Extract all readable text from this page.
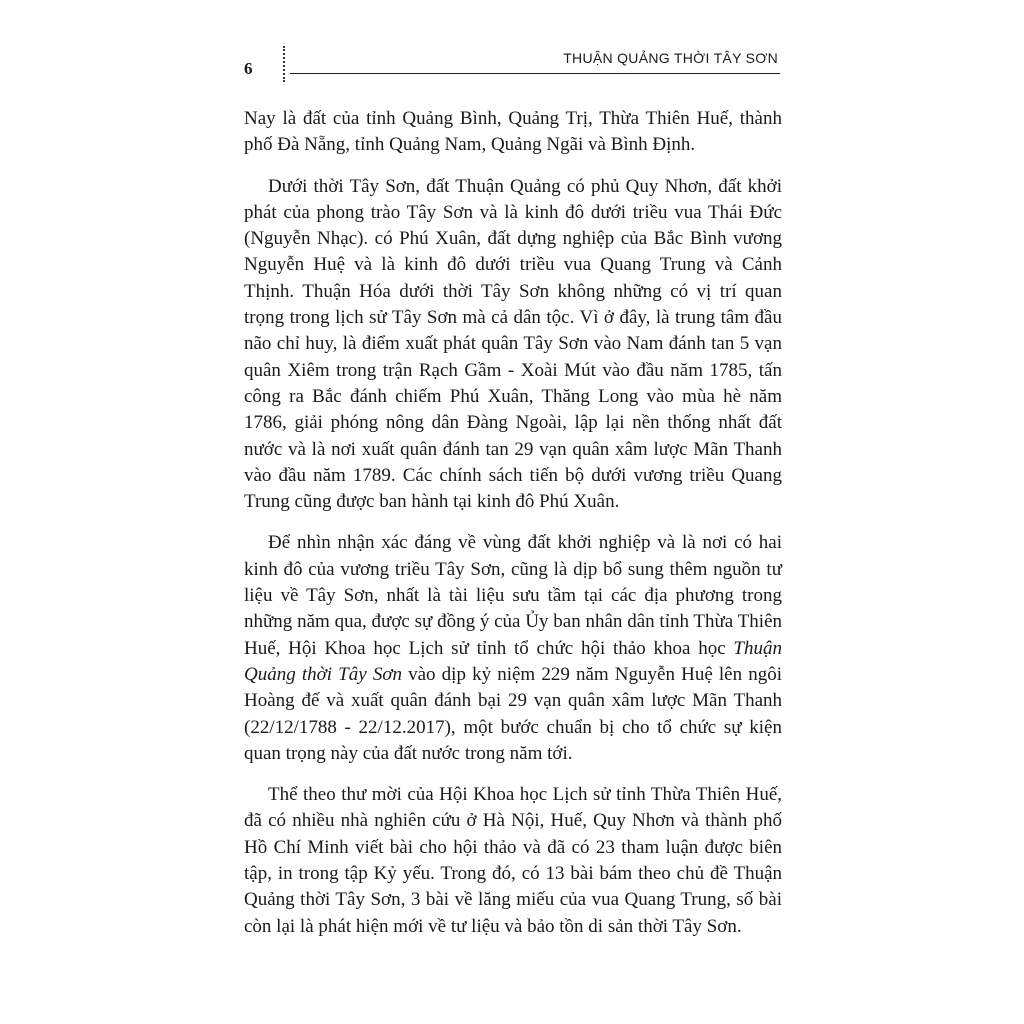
6
THUẬN QUẢNG THỜI TÂY SƠN

Nay là đất của tỉnh Quảng Bình, Quảng Trị, Thừa Thiên Huế, thành phố Đà Nẵng, tỉnh Quảng Nam, Quảng Ngãi và Bình Định.

Dưới thời Tây Sơn, đất Thuận Quảng có phủ Quy Nhơn, đất khởi phát của phong trào Tây Sơn và là kinh đô dưới triều vua Thái Đức (Nguyễn Nhạc). có Phú Xuân, đất dựng nghiệp của Bắc Bình vương Nguyễn Huệ và là kinh đô dưới triều vua Quang Trung và Cảnh Thịnh. Thuận Hóa dưới thời Tây Sơn không những có vị trí quan trọng trong lịch sử Tây Sơn mà cả dân tộc. Vì ở đây, là trung tâm đầu não chỉ huy, là điểm xuất phát quân Tây Sơn vào Nam đánh tan 5 vạn quân Xiêm trong trận Rạch Gầm - Xoài Mút vào đầu năm 1785, tấn công ra Bắc đánh chiếm Phú Xuân, Thăng Long vào mùa hè năm 1786, giải phóng nông dân Đàng Ngoài, lập lại nền thống nhất đất nước và là nơi xuất quân đánh tan 29 vạn quân xâm lược Mãn Thanh vào đầu năm 1789. Các chính sách tiến bộ dưới vương triều Quang Trung cũng được ban hành tại kinh đô Phú Xuân.

Để nhìn nhận xác đáng về vùng đất khởi nghiệp và là nơi có hai kinh đô của vương triều Tây Sơn, cũng là dịp bổ sung thêm nguồn tư liệu về Tây Sơn, nhất là tài liệu sưu tầm tại các địa phương trong những năm qua, được sự đồng ý của Ủy ban nhân dân tỉnh Thừa Thiên Huế, Hội Khoa học Lịch sử tỉnh tổ chức hội thảo khoa học Thuận Quảng thời Tây Sơn vào dịp kỷ niệm 229 năm Nguyễn Huệ lên ngôi Hoàng đế và xuất quân đánh bại 29 vạn quân xâm lược Mãn Thanh (22/12/1788 - 22/12.2017), một bước chuẩn bị cho tổ chức sự kiện quan trọng này của đất nước trong năm tới.

Thể theo thư mời của Hội Khoa học Lịch sử tỉnh Thừa Thiên Huế, đã có nhiều nhà nghiên cứu ở Hà Nội, Huế, Quy Nhơn và thành phố Hồ Chí Minh viết bài cho hội thảo và đã có 23 tham luận được biên tập, in trong tập Kỷ yếu. Trong đó, có 13 bài bám theo chủ đề Thuận Quảng thời Tây Sơn, 3 bài về lăng miếu của vua Quang Trung, số bài còn lại là phát hiện mới về tư liệu và bảo tồn di sản thời Tây Sơn.
